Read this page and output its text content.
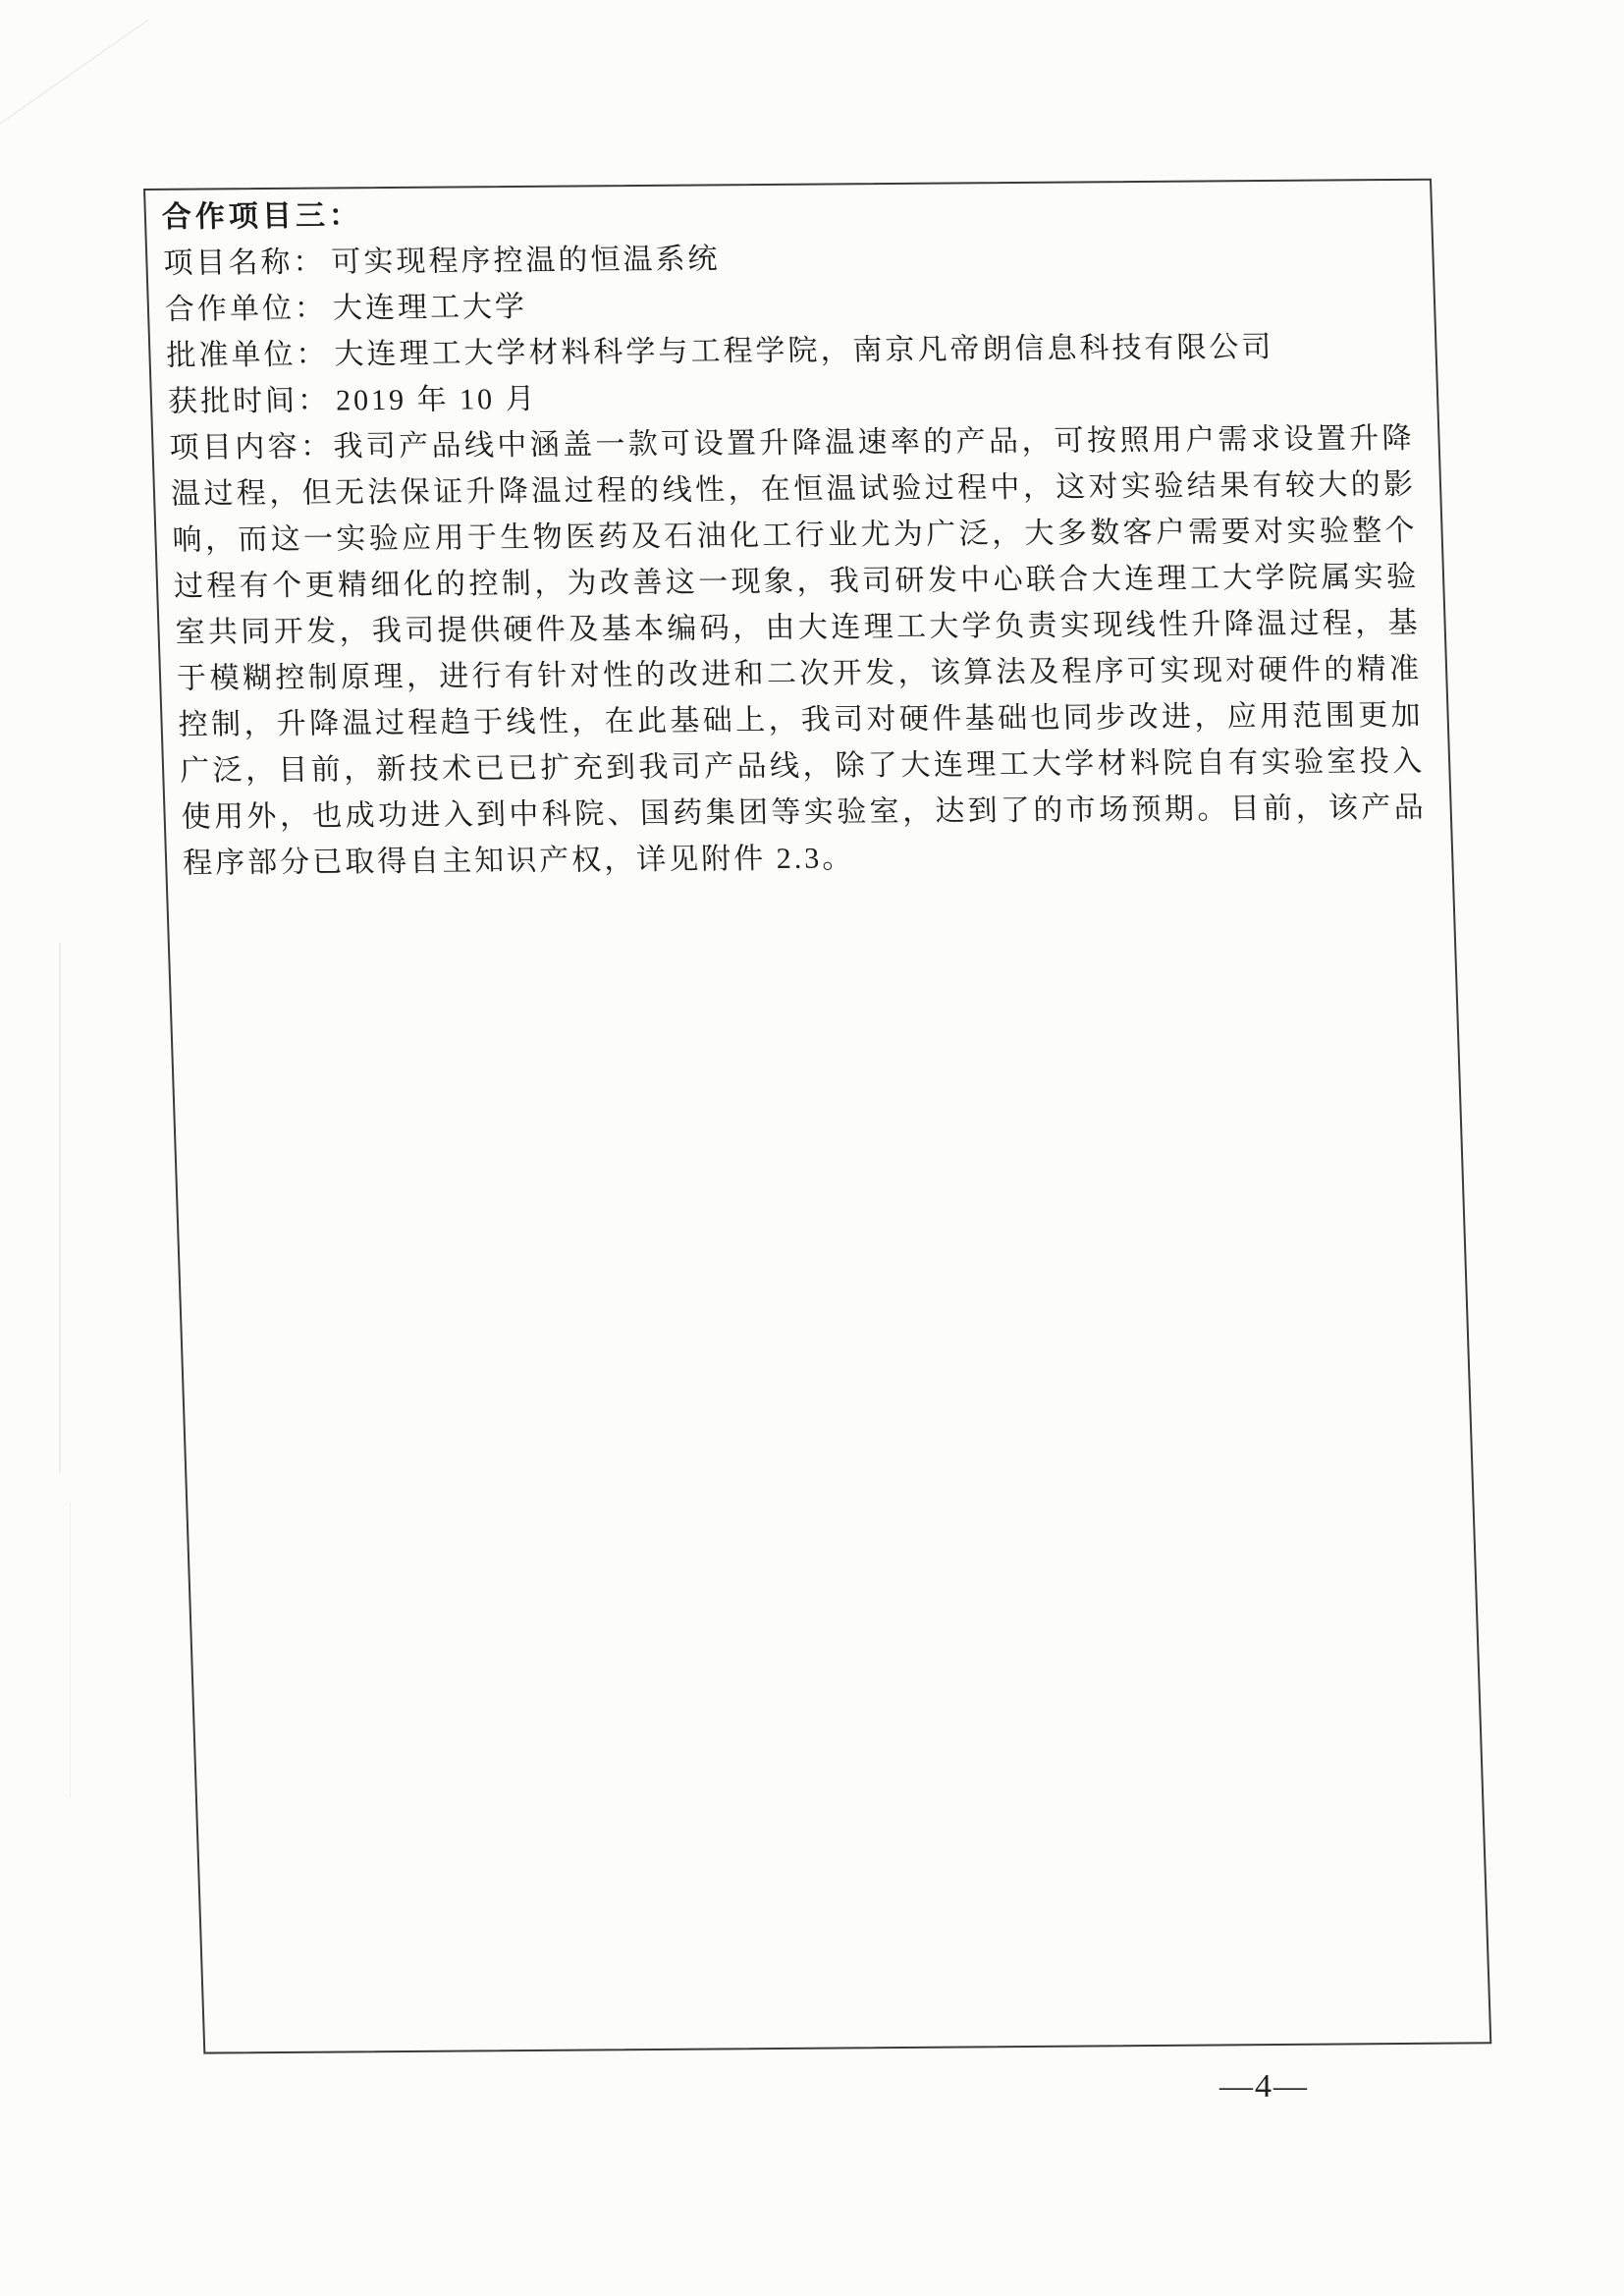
合作项目三：
项目名称： 可实现程序控温的恒温系统
合作单位： 大连理工大学
批准单位： 大连理工大学材料科学与工程学院，南京凡帝朗信息科技有限公司
获批时间： 2019 年 10 月

项目内容：我司产品线中涵盖一款可设置升降温速率的产品，可按照用户需求设置升降温过程，但无法保证升降温过程的线性，在恒温试验过程中，这对实验结果有较大的影响，而这一实验应用于生物医药及石油化工行业尤为广泛，大多数客户需要对实验整个过程有个更精细化的控制，为改善这一现象，我司研发中心联合大连理工大学院属实验室共同开发，我司提供硬件及基本编码，由大连理工大学负责实现线性升降温过程，基于模糊控制原理，进行有针对性的改进和二次开发，该算法及程序可实现对硬件的精准控制，升降温过程趋于线性，在此基础上，我司对硬件基础也同步改进，应用范围更加广泛，目前，新技术已已扩充到我司产品线，除了大连理工大学材料院自有实验室投入使用外，也成功进入到中科院、国药集团等实验室，达到了的市场预期。目前，该产品程序部分已取得自主知识产权，详见附件 2.3。

—4—
